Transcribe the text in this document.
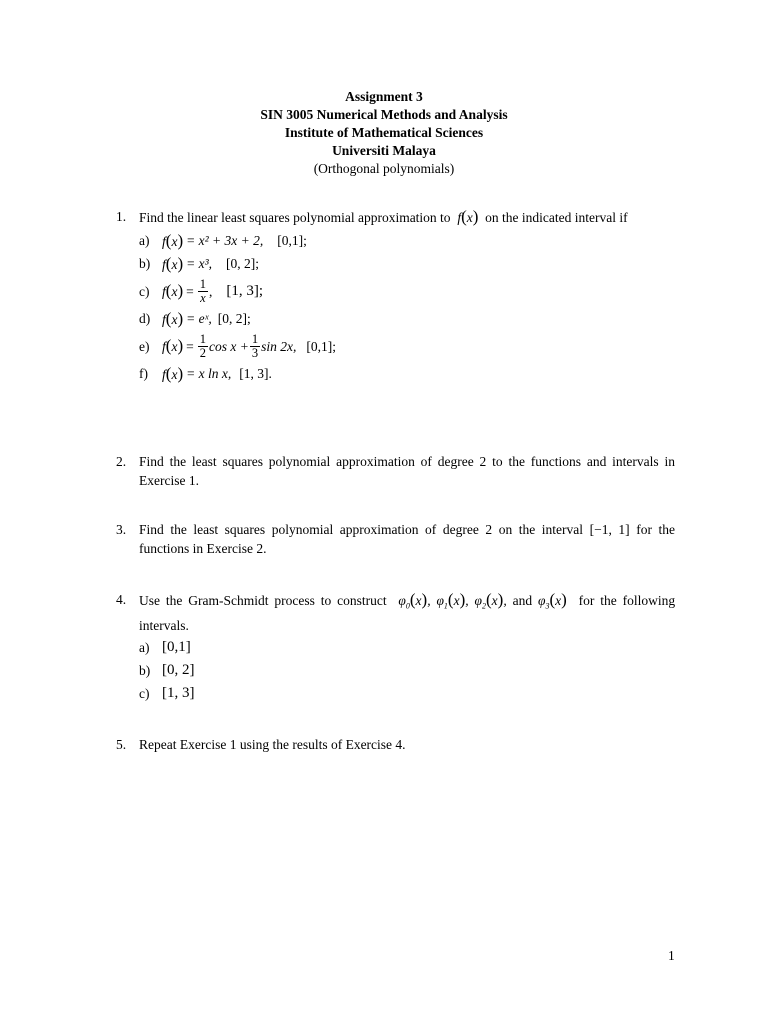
Assignment 3
SIN 3005 Numerical Methods and Analysis
Institute of Mathematical Sciences
Universiti Malaya
(Orthogonal polynomials)
1. Find the linear least squares polynomial approximation to  f(x) on the indicated interval if
a) f(x) = x² + 3x + 2, [0,1];
b) f(x) = x³, [0, 2];
c) $f(x) = \frac{1}{x}$ , [1, 3];
d) f(x) = eˣ, [0, 2];
e) $f(x) = \frac{1}{2}$ $\cos x + \frac{1}{3}$ sin 2x, [0,1];
f)	f(x) = x ln x, [1, 3].
2. Find the least squares polynomial approximation of degree 2 to the functions and intervals in Exercise 1.
3. Find the least squares polynomial approximation of degree 2 on the interval [−1, 1] for the functions in Exercise 2.
4. Use the Gram-Schmidt process to construct  $\varphi_0(x)$, $\varphi_1(x)$, $\varphi_2(x)$, and $\varphi_3(x)$ for the following intervals.
a) [0,1]
b) [0, 2]
c) [1, 3]
5. Repeat Exercise 1 using the results of Exercise 4.
1
